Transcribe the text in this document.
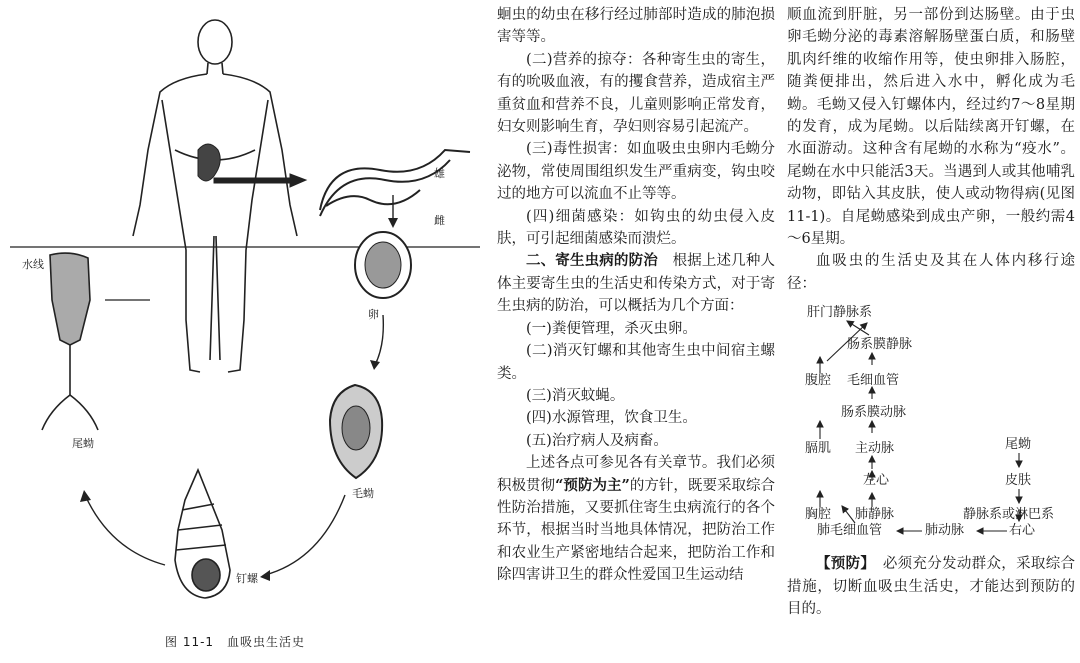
水线
雄
雌
卵
毛蚴
钉螺
尾蚴
图 11-1　血吸虫生活史

蛔虫的幼虫在移行经过肺部时造成的肺泡损害等等。

(二)营养的掠夺：各种寄生虫的寄生，有的吮吸血液，有的攫食营养，造成宿主严重贫血和营养不良，儿童则影响正常发育，妇女则影响生育，孕妇则容易引起流产。

(三)毒性损害：如血吸虫虫卵内毛蚴分泌物，常使周围组织发生严重病变，钩虫咬过的地方可以流血不止等等。

(四)细菌感染：如钩虫的幼虫侵入皮肤，可引起细菌感染而溃烂。

二、寄生虫病的防治　 根据上述几种人体主要寄生虫的生活史和传染方式，对于寄生虫病的防治，可以概括为几个方面：

(一)粪便管理，杀灭虫卵。

(二)消灭钉螺和其他寄生虫中间宿主螺类。

(三)消灭蚊蝇。

(四)水源管理，饮食卫生。

(五)治疗病人及病畜。

上述各点可参见各有关章节。我们必须积极贯彻“预防为主”的方针，既要采取综合性防治措施，又要抓住寄生虫病流行的各个环节，根据当时当地具体情况，把防治工作和农业生产紧密地结合起来，把防治工作和除四害讲卫生的群众性爱国卫生运动结

顺血流到肝脏，另一部份到达肠壁。由于虫卵毛蚴分泌的毒素溶解肠壁蛋白质，和肠壁肌肉纤维的收缩作用等，使虫卵排入肠腔，随粪便排出，然后进入水中，孵化成为毛蚴。毛蚴又侵入钉螺体内，经过约7～8星期的发育，成为尾蚴。以后陆续离开钉螺，在水面游动。这种含有尾蚴的水称为“疫水”。尾蚴在水中只能活3天。当遇到人或其他哺乳动物，即钻入其皮肤，使人或动物得病(见图11-1)。自尾蚴感染到成虫产卵，一般约需4～6星期。

血吸虫的生活史及其在人体内移行途径：

肝门静脉系
肠系膜静脉
腹腔 毛细血管
肠系膜动脉
膈肌 主动脉
左心
胸腔 肺静脉
肺毛细血管	肺动脉	右心
尾蚴
皮肤
静脉系或淋巴系

【预防】　 必须充分发动群众，采取综合措施，切断血吸虫生活史，才能达到预防的目的。
